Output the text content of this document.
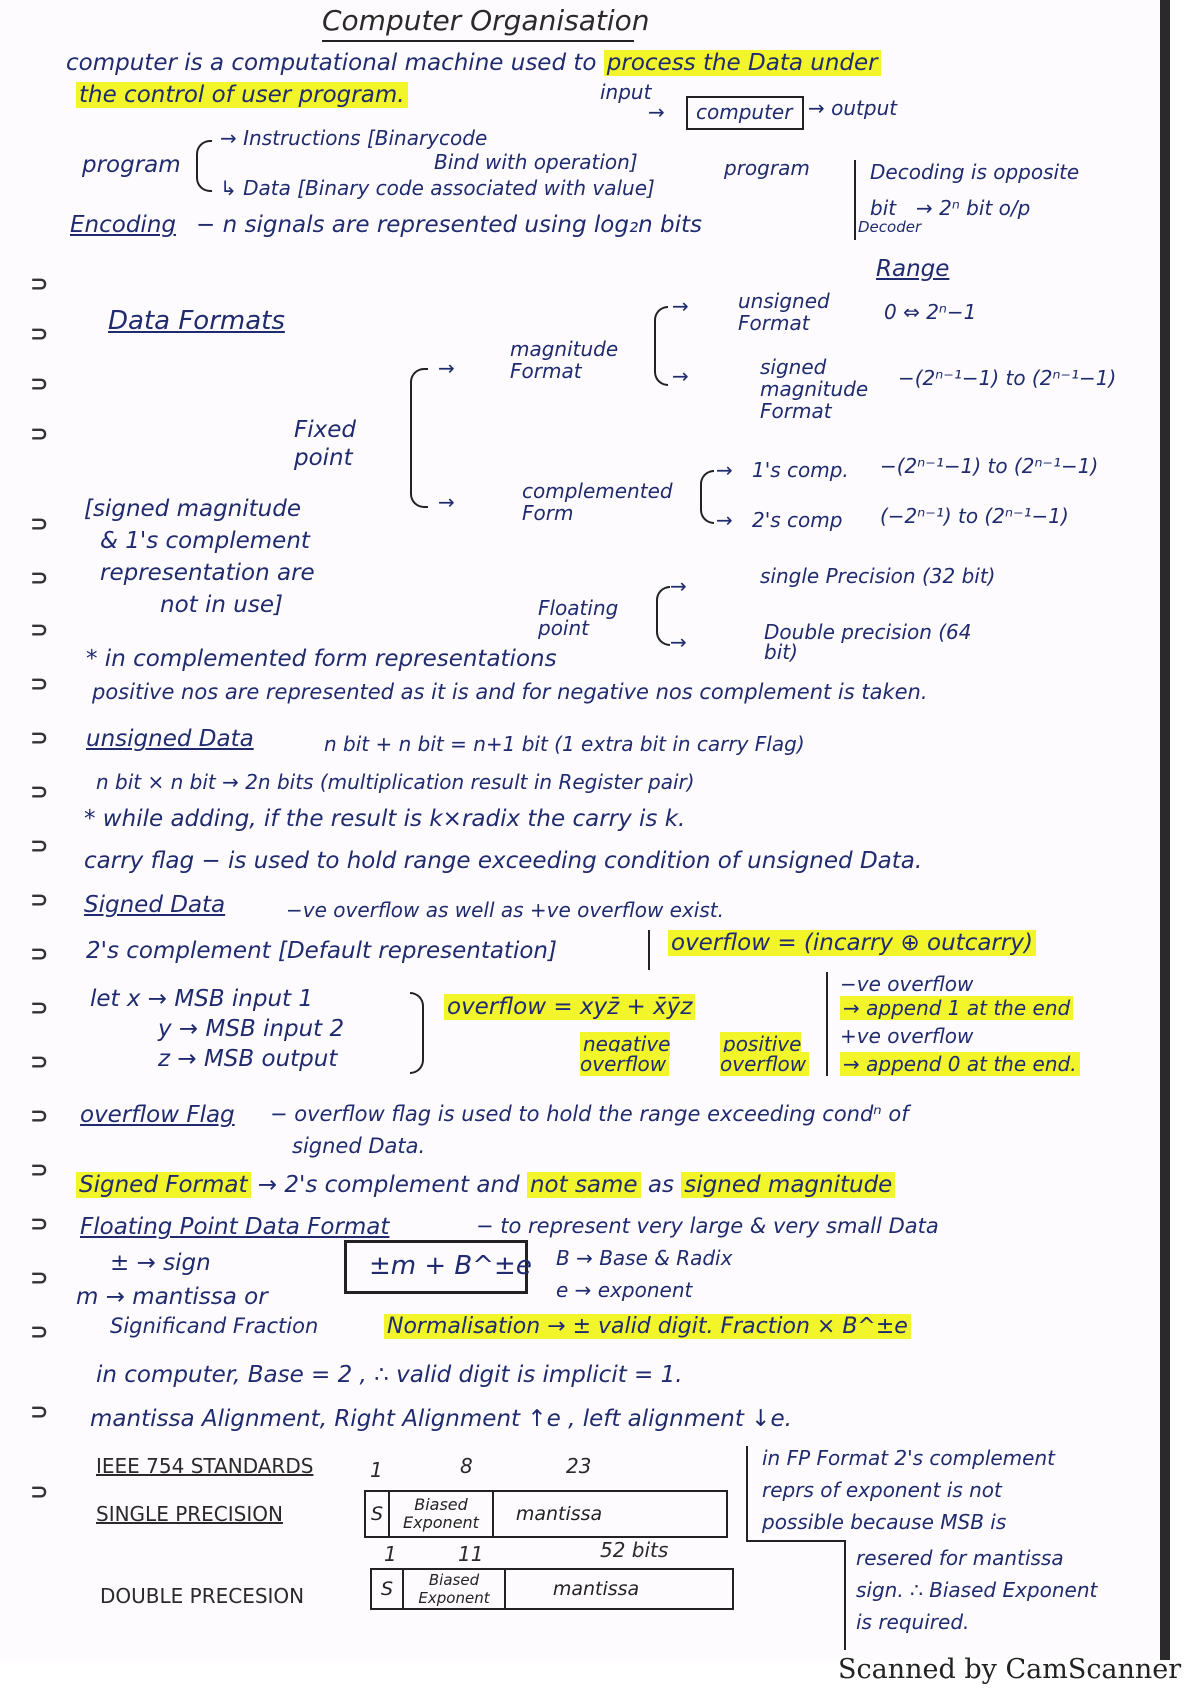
⊃
⊃
⊃
⊃
⊃
⊃
⊃
⊃
⊃
⊃
⊃
⊃
⊃
⊃
⊃
⊃
⊃
⊃
⊃
⊃
⊃
⊃
Computer Organisation
computer is a computational machine used to process the Data under
the control of user program.	input
→ computer → output
program
→ Instructions [Binarycode
Bind with operation]
↳ Data [Binary code associated with value]
program	Decoding is opposite
bit → 2ⁿ bit o/p
Decoder
Encoding − n signals are represented using log₂n bits
Range
Data Formats
magnitude Format
→
→
unsigned Format	0 ⇔ 2ⁿ−1
signed magnitude Format
−(2ⁿ⁻¹−1) to (2ⁿ⁻¹−1)
Fixed point
→
→	complemented Form
→
→
1's comp. −(2ⁿ⁻¹−1) to (2ⁿ⁻¹−1)
2's comp (−2ⁿ⁻¹) to (2ⁿ⁻¹−1)
[signed magnitude
& 1's complement
representation are
not in use]	Floating point
→
→
single Precision (32 bit)
Double precision (64 bit)
* in complemented form representations
positive nos are represented as it is and for negative nos complement is taken.
unsigned Data	n bit + n bit = n+1 bit (1 extra bit in carry Flag)
n bit × n bit → 2n bits (multiplication result in Register pair)
* while adding, if the result is k×radix the carry is k.
carry flag − is used to hold range exceeding condition of unsigned Data.
Signed Data	−ve overflow as well as +ve overflow exist.
2's complement [Default representation]	overflow = (incarry ⊕ outcarry)
let x → MSB input 1
y → MSB input 2
z → MSB output
overflow = xyz̄ + x̄ȳz
negative overflow
positive overflow
−ve overflow
→ append 1 at the end
+ve overflow
→ append 0 at the end.
overflow Flag − overflow flag is used to hold the range exceeding condⁿ of
signed Data.
Signed Format → 2's complement and not same as signed magnitude
Floating Point Data Format	− to represent very large & very small Data
± → sign	±m + B^±e B → Base & Radix
e → exponent
m → mantissa or
Significand Fraction	Normalisation → ± valid digit. Fraction × B^±e
in computer, Base = 2 , ∴ valid digit is implicit = 1.
mantissa Alignment, Right Alignment ↑e , left alignment ↓e.
IEEE 754 STANDARDS	1	8	23
SINGLE PRECISION	S	Biased Exponent	mantissa
1	11	52 bits
DOUBLE PRECESION	S	Biased Exponent	mantissa
in FP Format 2's complement
reprs of exponent is not
possible because MSB is
resered for mantissa
sign. ∴ Biased Exponent
is required.
Scanned by CamScanner
